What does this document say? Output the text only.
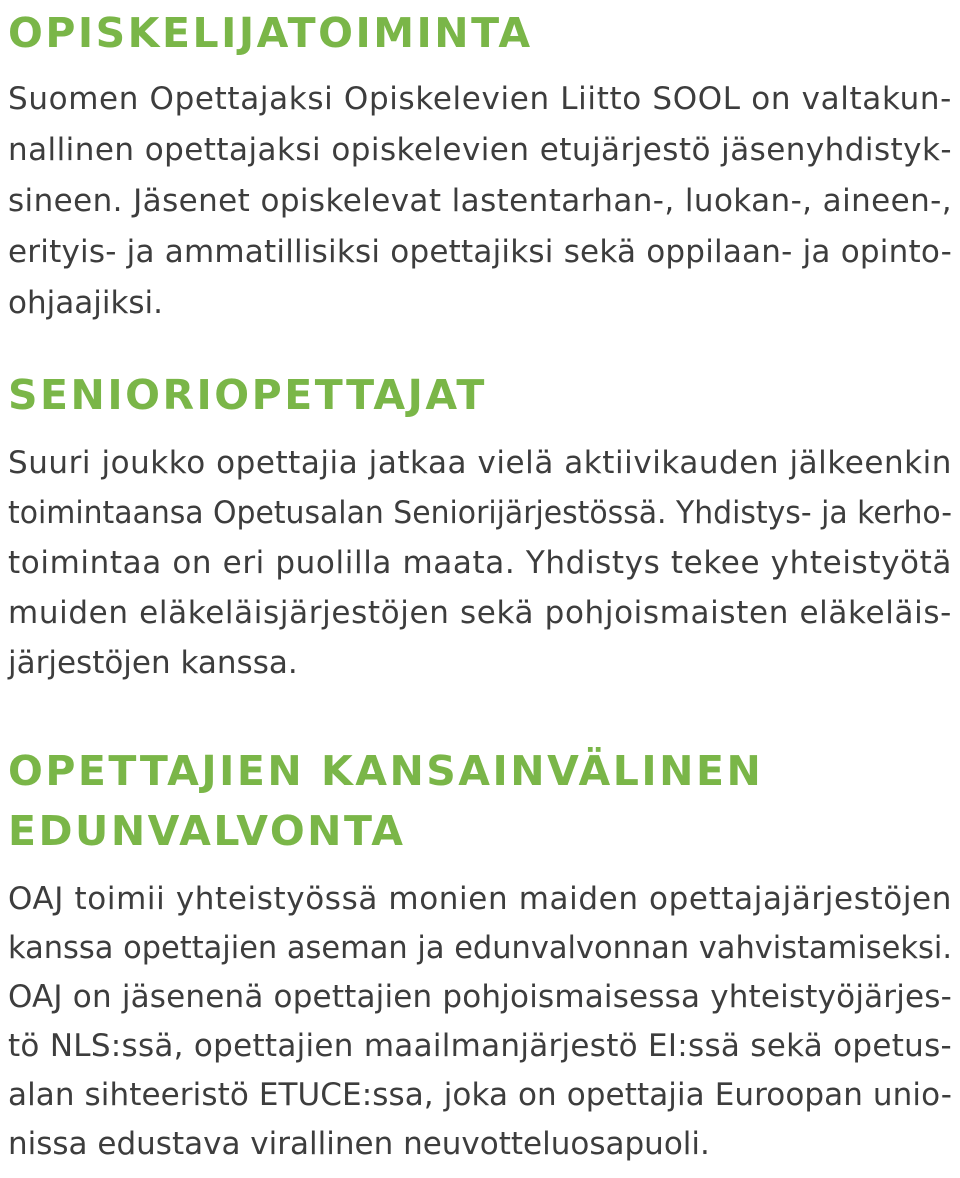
OPISKELIJATOIMINTA

Suomen Opettajaksi Opiskelevien Liitto SOOL on valtakun-

nallinen opettajaksi opiskelevien etujärjestö jäsenyhdistyk-

sineen. Jäsenet opiskelevat lastentarhan-, luokan-, aineen-,

erityis- ja ammatillisiksi opettajiksi sekä oppilaan- ja opinto-

ohjaajiksi.

SENIORIOPETTAJAT

Suuri joukko opettajia jatkaa vielä aktiivikauden jälkeenkin

toimintaansa Opetusalan Seniorijärjestössä. Yhdistys- ja kerho-

toimintaa on eri puolilla maata. Yhdistys tekee yhteistyötä

muiden eläkeläisjärjestöjen sekä pohjoismaisten eläkeläis-

järjestöjen kanssa.

OPETTAJIEN KANSAINVÄLINEN
EDUNVALVONTA

OAJ toimii yhteistyössä monien maiden opettajajärjestöjen

kanssa opettajien aseman ja edunvalvonnan vahvistamiseksi.

OAJ on jäsenenä opettajien pohjoismaisessa yhteistyöjärjes-

tö NLS:ssä, opettajien maailmanjärjestö EI:ssä sekä opetus-

alan sihteeristö ETUCE:ssa, joka on opettajia Euroopan unio-

nissa edustava virallinen neuvotteluosapuoli.
